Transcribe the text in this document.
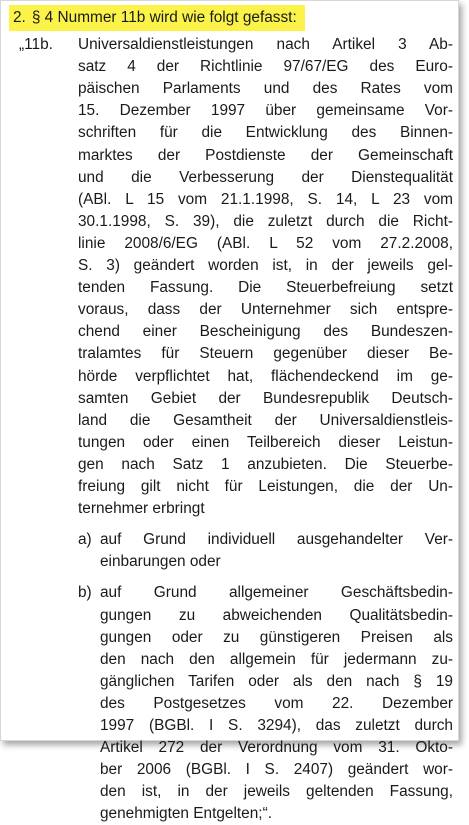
2. § 4 Nummer 11b wird wie folgt gefasst:
„11b. Universaldienstleistungen nach Artikel 3 Ab-
satz 4 der Richtlinie 97/67/EG des Euro-
päischen Parlaments und des Rates vom
15. Dezember 1997 über gemeinsame Vor-
schriften für die Entwicklung des Binnen-
marktes der Postdienste der Gemeinschaft
und die Verbesserung der Dienstequalität
(ABl. L 15 vom 21.1.1998, S. 14, L 23 vom
30.1.1998, S. 39), die zuletzt durch die Richt-
linie 2008/6/EG (ABl. L 52 vom 27.2.2008,
S. 3) geändert worden ist, in der jeweils gel-
tenden Fassung. Die Steuerbefreiung setzt
voraus, dass der Unternehmer sich entspre-
chend einer Bescheinigung des Bundeszen-
tralamtes für Steuern gegenüber dieser Be-
hörde verpflichtet hat, flächendeckend im ge-
samten Gebiet der Bundesrepublik Deutsch-
land die Gesamtheit der Universaldienstleis-
tungen oder einen Teilbereich dieser Leistun-
gen nach Satz 1 anzubieten. Die Steuerbe-
freiung gilt nicht für Leistungen, die der Un-
ternehmer erbringt
a) auf Grund individuell ausgehandelter Ver-
einbarungen oder
b) auf Grund allgemeiner Geschäftsbedin-
gungen zu abweichenden Qualitätsbedin-
gungen oder zu günstigeren Preisen als
den nach den allgemein für jedermann zu-
gänglichen Tarifen oder als den nach § 19
des Postgesetzes vom 22. Dezember
1997 (BGBl. I S. 3294), das zuletzt durch
Artikel 272 der Verordnung vom 31. Okto-
ber 2006 (BGBl. I S. 2407) geändert wor-
den ist, in der jeweils geltenden Fassung,
genehmigten Entgelten;“.
